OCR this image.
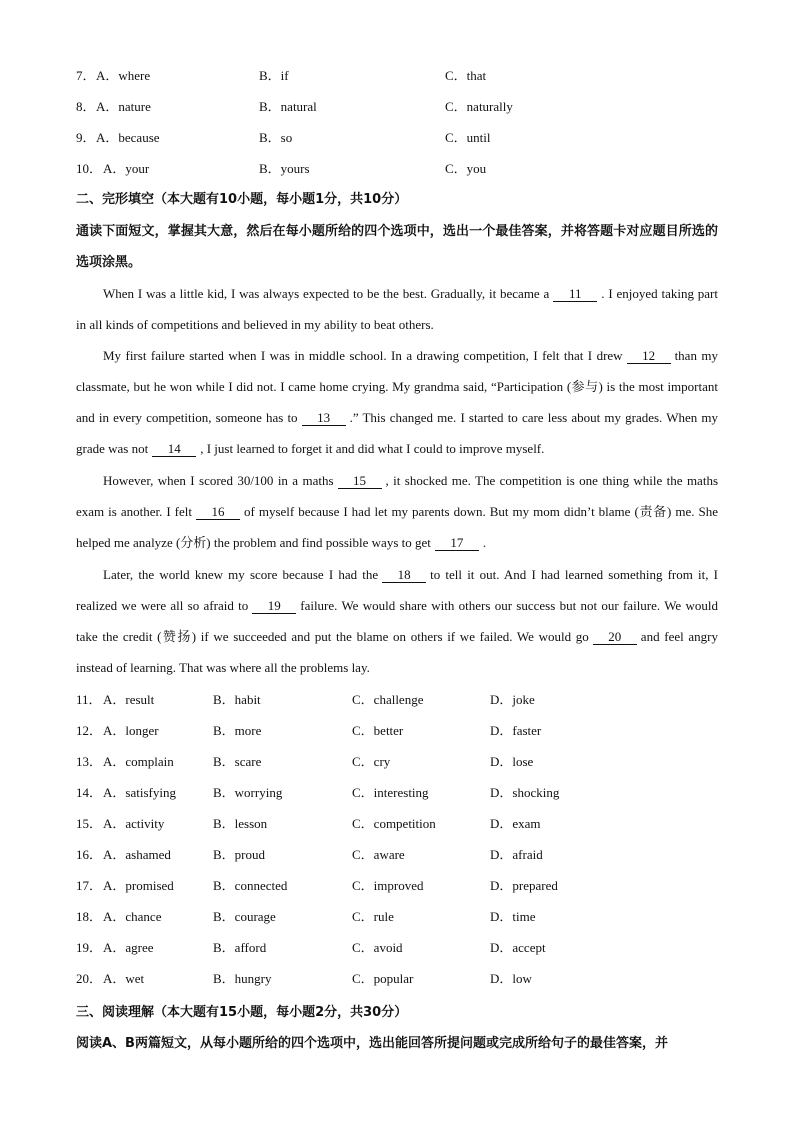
7． A．where	B．if	C．that
8． A．nature	B．natural	C．naturally
9． A．because	B．so	C．until
10． A．your	B．yours	C．you
二、完形填空（本大题有10小题，每小题1分，共10分）
通读下面短文，掌握其大意，然后在每小题所给的四个选项中，选出一个最佳答案，并将答题卡对应题目所选的选项涂黑。
When I was a little kid, I was always expected to be the best. Gradually, it became a 11 . I enjoyed taking part in all kinds of competitions and believed in my ability to beat others.
My first failure started when I was in middle school. In a drawing competition, I felt that I drew 12 than my classmate, but he won while I did not. I came home crying. My grandma said, “Participation (参与) is the most important and in every competition, someone has to 13 .” This changed me. I started to care less about my grades. When my grade was not 14 , I just learned to forget it and did what I could to improve myself.
However, when I scored 30/100 in a maths 15 , it shocked me. The competition is one thing while the maths exam is another. I felt 16 of myself because I had let my parents down. But my mom didn’t blame (责备) me. She helped me analyze (分析) the problem and find possible ways to get 17 .
Later, the world knew my score because I had the 18 to tell it out. And I had learned something from it, I realized we were all so afraid to 19 failure. We would share with others our success but not our failure. We would take the credit (赞扬) if we succeeded and put the blame on others if we failed. We would go 20 and feel angry instead of learning. That was where all the problems lay.
11． A．result	B．habit	C．challenge	D．joke
12． A．longer	B．more	C．better	D．faster
13． A．complain	B．scare	C．cry	D．lose
14． A．satisfying	B．worrying	C．interesting	D．shocking
15． A．activity	B．lesson	C．competition	D．exam
16． A．ashamed	B．proud	C．aware	D．afraid
17． A．promised	B．connected	C．improved	D．prepared
18． A．chance	B．courage	C．rule	D．time
19． A．agree	B．afford	C．avoid	D．accept
20． A．wet	B．hungry	C．popular	D．low
三、阅读理解（本大题有15小题，每小题2分，共30分）
阅读A、B两篇短文，从每小题所给的四个选项中，选出能回答所提问题或完成所给句子的最佳答案，并
